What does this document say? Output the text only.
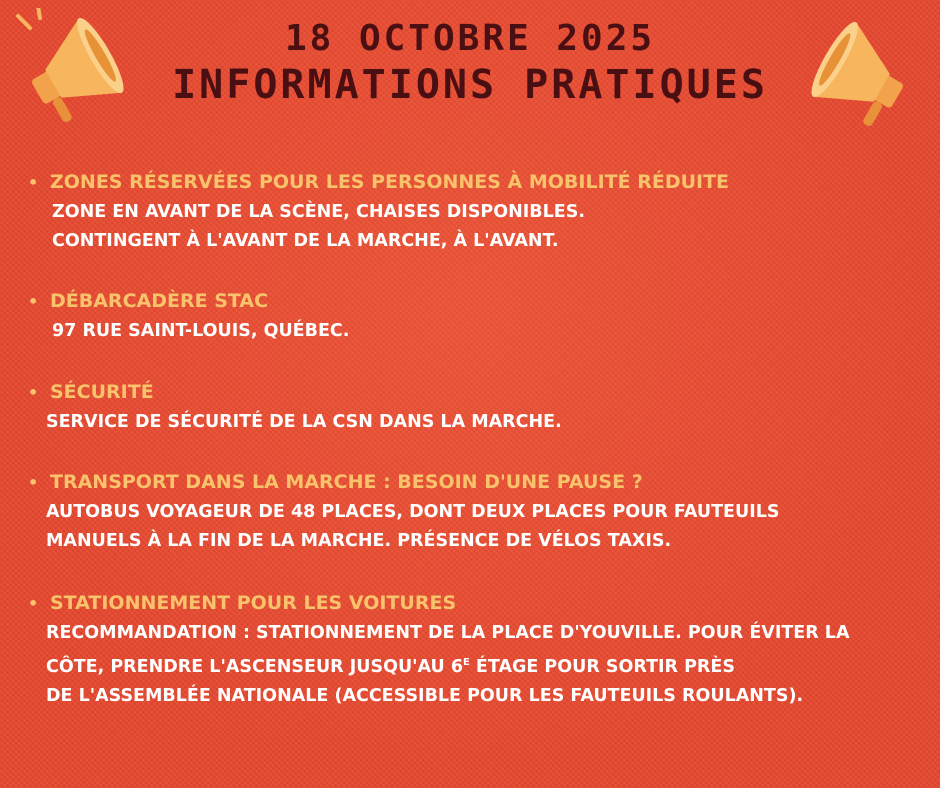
18 OCTOBRE 2025
INFORMATIONS PRATIQUES
• ZONES RÉSERVÉES POUR LES PERSONNES À MOBILITÉ RÉDUITE
ZONE EN AVANT DE LA SCÈNE, CHAISES DISPONIBLES.
CONTINGENT À L'AVANT DE LA MARCHE, À L'AVANT.
• DÉBARCADÈRE STAC
97 RUE SAINT-LOUIS, QUÉBEC.
• SÉCURITÉ
SERVICE DE SÉCURITÉ DE LA CSN DANS LA MARCHE.
• TRANSPORT DANS LA MARCHE : BESOIN D'UNE PAUSE ?
AUTOBUS VOYAGEUR DE 48 PLACES, DONT DEUX PLACES POUR FAUTEUILS
MANUELS À LA FIN DE LA MARCHE. PRÉSENCE DE VÉLOS TAXIS.
• STATIONNEMENT POUR LES VOITURES
RECOMMANDATION : STATIONNEMENT DE LA PLACE D'YOUVILLE. POUR ÉVITER LA
CÔTE, PRENDRE L'ASCENSEUR JUSQU'AU $6^E$ ÉTAGE POUR SORTIR PRÈS
DE L'ASSEMBLÉE NATIONALE (ACCESSIBLE POUR LES FAUTEUILS ROULANTS).
